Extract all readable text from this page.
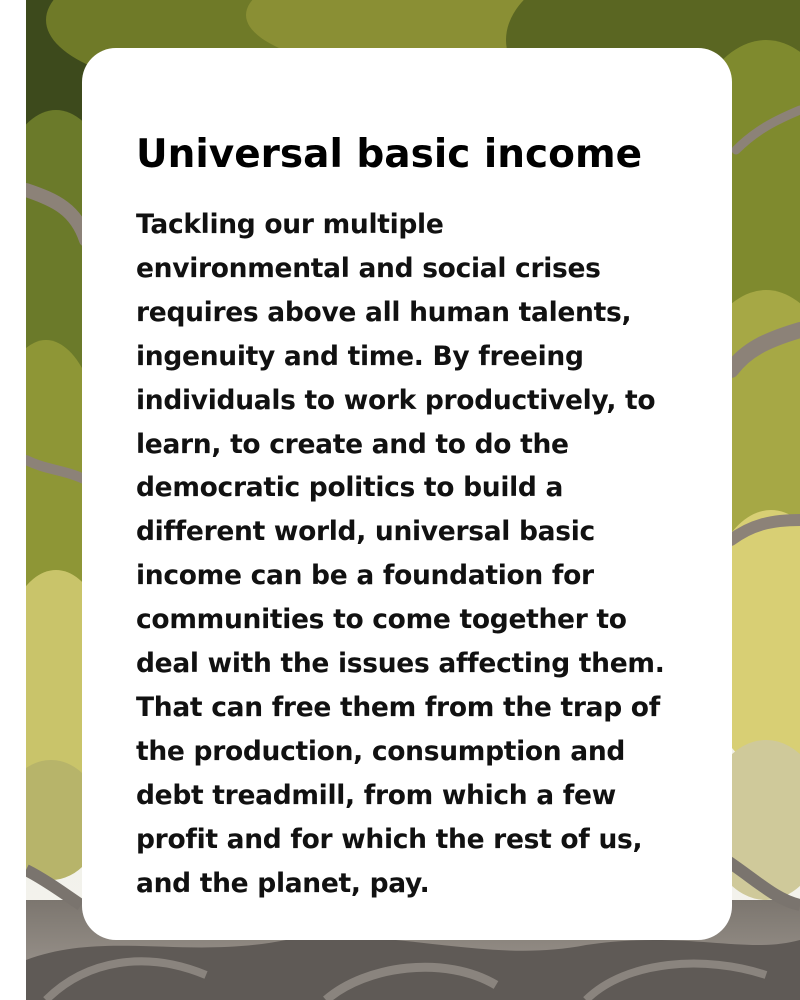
Universal basic income

Tackling our multiple
environmental and social crises
requires above all human talents,
ingenuity and time. By freeing
individuals to work productively, to
learn, to create and to do the
democratic politics to build a
different world, universal basic
income can be a foundation for
communities to come together to
deal with the issues affecting them.
That can free them from the trap of
the production, consumption and
debt treadmill, from which a few
profit and for which the rest of us,
and the planet, pay.
